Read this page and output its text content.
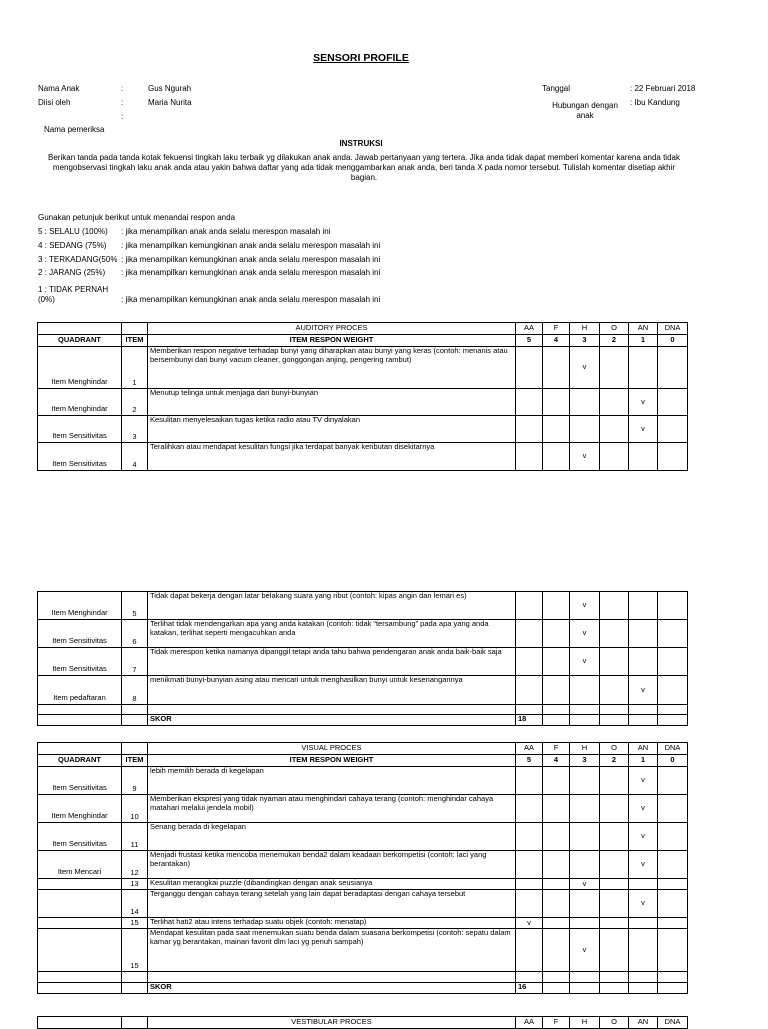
SENSORI PROFILE
Nama Anak	:	Gus Ngurah
Diisi oleh	:	Maria Nurita
:
Nama pemeriksa
Tanggal	: 22 Februari 2018
Hubungan dengan anak
: Ibu Kandung
INSTRUKSI
Berikan tanda pada tanda kotak fekuensi tingkah laku terbaik yg dilakukan anak anda. Jawab pertanyaan yang tertera. Jika anda tidak dapat memberi komentar karena anda tidak mengobservasi tingkah laku anak anda atau yakin bahwa daftar yang ada tidak menggambarkan anak anda, beri tanda X pada nomor tersebut. Tulislah komentar disetiap akhir bagian.
Gunakan petunjuk berikut untuk menandai respon anda
5 : SELALU (100%) : jika menampilkan anak anda selalu merespon masalah ini
4 : SEDANG (75%) : jika menampilkan kemungkinan anak anda selalu merespon masalah ini
3 : TERKADANG(50% : jika menampilkan kemungkinan anak anda selalu merespon masalah ini
2 : JARANG (25%) : jika menampilkan kemungkinan anak anda selalu merespon masalah ini
1 : TIDAK PERNAH (0%)	: jika menampilkan kemungkinan anak anda selalu merespon masalah ini
		AUDITORY PROCES	AA	F	H	O	AN	DNA
QUADRANT	ITEM	ITEM RESPON WEIGHT	5	4	3	2	1	0
Item Menghindar	1	Memberikan respon negative terhadap bunyi yang diharapkan atau bunyi yang keras (contoh: menanis atau bersembunyi dari bunyi vacum cleaner, gonggongan anjing, pengering rambut)			v			
Item Menghindar	2	Menutup telinga untuk menjaga dari bunyi-bunyian					v	
Item Sensitivitas	3	Kesulitan menyelesaikan tugas ketika radio atau TV dinyalakan					v	
Item Sensitivitas	4	Teralihkan atau mendapat kesulitan fungsi jika terdapat banyak keributan disekitarnya			v			
Item Menghindar	5	Tidak dapat bekerja dengan latar belakang suara yang ribut (contoh: kipas angin dan lemari es)			v			
Item Sensitivitas	6	Terlihat tidak mendengarkan apa yang anda katakan (contoh: tidak “tersambung” pada apa yang anda katakan, terlihat seperti mengacuhkan anda			v			
Item Sensitivitas	7	Tidak merespon ketika namanya dipanggil tetapi anda tahu bahwa pendengaran anak anda baik-baik saja			v			
Item pedaftaran	8	menikmati bunyi-bunyian asing atau mencari untuk menghasilkan bunyi untuk kesenangannya					v	

		SKOR	18					
		VISUAL PROCES	AA	F	H	O	AN	DNA
QUADRANT	ITEM	ITEM RESPON WEIGHT	5	4	3	2	1	0
Item Sensitivitas	9	lebih memilih berada di kegelapan					v	
Item Menghindar	10	Memberikan ekspresi yang tidak nyaman atau menghindari cahaya terang (contoh: menghindar cahaya matahari melalui jendela mobil)					v	
Item Sensitivitas	11	Senang berada di kegelapan					v	
Item Mencari	12	Menjadi frustasi ketika mencoba menemukan benda2 dalam keadaan berkompetisi (contoh: laci yang berantakan)					v	
	13	Kesulitan merangkai puzzle (dibandingkan dengan anak seusianya			v			
	14	Terganggu dengan cahaya terang setelah yang lain dapat beradaptasi dengan cahaya tersebut					v	
	15	Terlihat hati2 atau intens terhadap suatu objek (contoh: menatap)	v					
	15	Mendapat kesulitan pada saat menemukan suatu benda dalam suasana berkompetisi (contoh: sepatu dalam kamar yg berantakan, mainan favorit dlm laci yg penuh sampah)			v			

		SKOR	16					
		VESTIBULAR PROCES	AA	F	H	O	AN	DNA
